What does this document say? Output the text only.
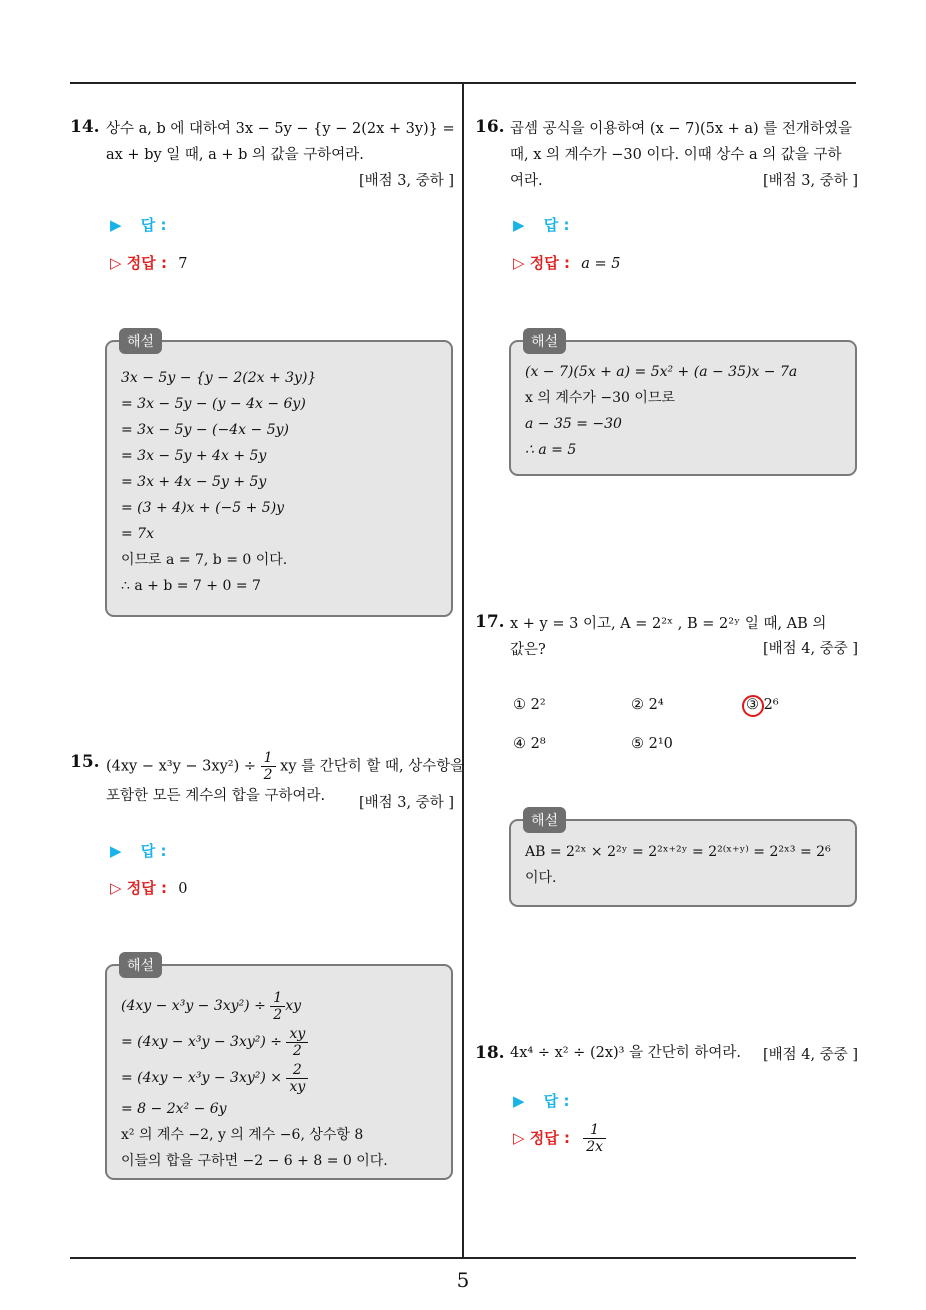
14. 상수 a, b 에 대하여 3x − 5y − {y − 2(2x + 3y)} =
ax + by 일 때, a + b 의 값을 구하여라.
[배점 3, 중하 ]
▶ 답 :
▷ 정답 : 7
해설
3x − 5y − {y − 2(2x + 3y)}
= 3x − 5y − (y − 4x − 6y)
= 3x − 5y − (−4x − 5y)
= 3x − 5y + 4x + 5y
= 3x + 4x − 5y + 5y
= (3 + 4)x + (−5 + 5)y
= 7x
이므로 a = 7, b = 0 이다.
∴ a + b = 7 + 0 = 7
15. $(4xy - x^3y - 3xy^2) \div \frac{1}{2}$ xy 를 간단히 할 때, 상수항을
포함한 모든 계수의 합을 구하여라.	[배점 3, 중하 ]
▶ 답 :
▷ 정답 : 0
해설
$(4xy - x^3y - 3xy^2) \div \frac{1}{2}$ xy
= $(4xy - x^3y - 3xy^2) \div \frac{xy}{2}$
= $(4xy - x^3y - 3xy^2) \times \frac{2}{xy}$
= 8 − 2x² − 6y
x² 의 계수 −2, y 의 계수 −6, 상수항 8
이들의 합을 구하면 −2 − 6 + 8 = 0 이다.
16. 곱셈 공식을 이용하여 (x − 7)(5x + a) 를 전개하였을
때, x 의 계수가 −30 이다. 이때 상수 a 의 값을 구하
여라.	[배점 3, 중하 ]
▶ 답 :
▷ 정답 : a = 5
해설
(x − 7)(5x + a) = 5x² + (a − 35)x − 7a
x 의 계수가 −30 이므로
a − 35 = −30
∴ a = 5
17. x + y = 3 이고, A = 2²ˣ , B = 2²ʸ 일 때, AB 의
값은?	[배점 4, 중중 ]
① 2²	② 2⁴	③ 2⁶
④ 2⁸	⑤ 2¹0
해설
AB = 2²ˣ × 2²ʸ = 2²ˣ⁺²ʸ = 2²⁽ˣ⁺ʸ⁾ = 2²ˣ³ = 2⁶
이다.
18. 4x⁴ ÷ x² ÷ (2x)³ 을 간단히 하여라. [배점 4, 중중 ]
▶ 답 :
▷ 정답 : $\frac{1}{2x}$
5
